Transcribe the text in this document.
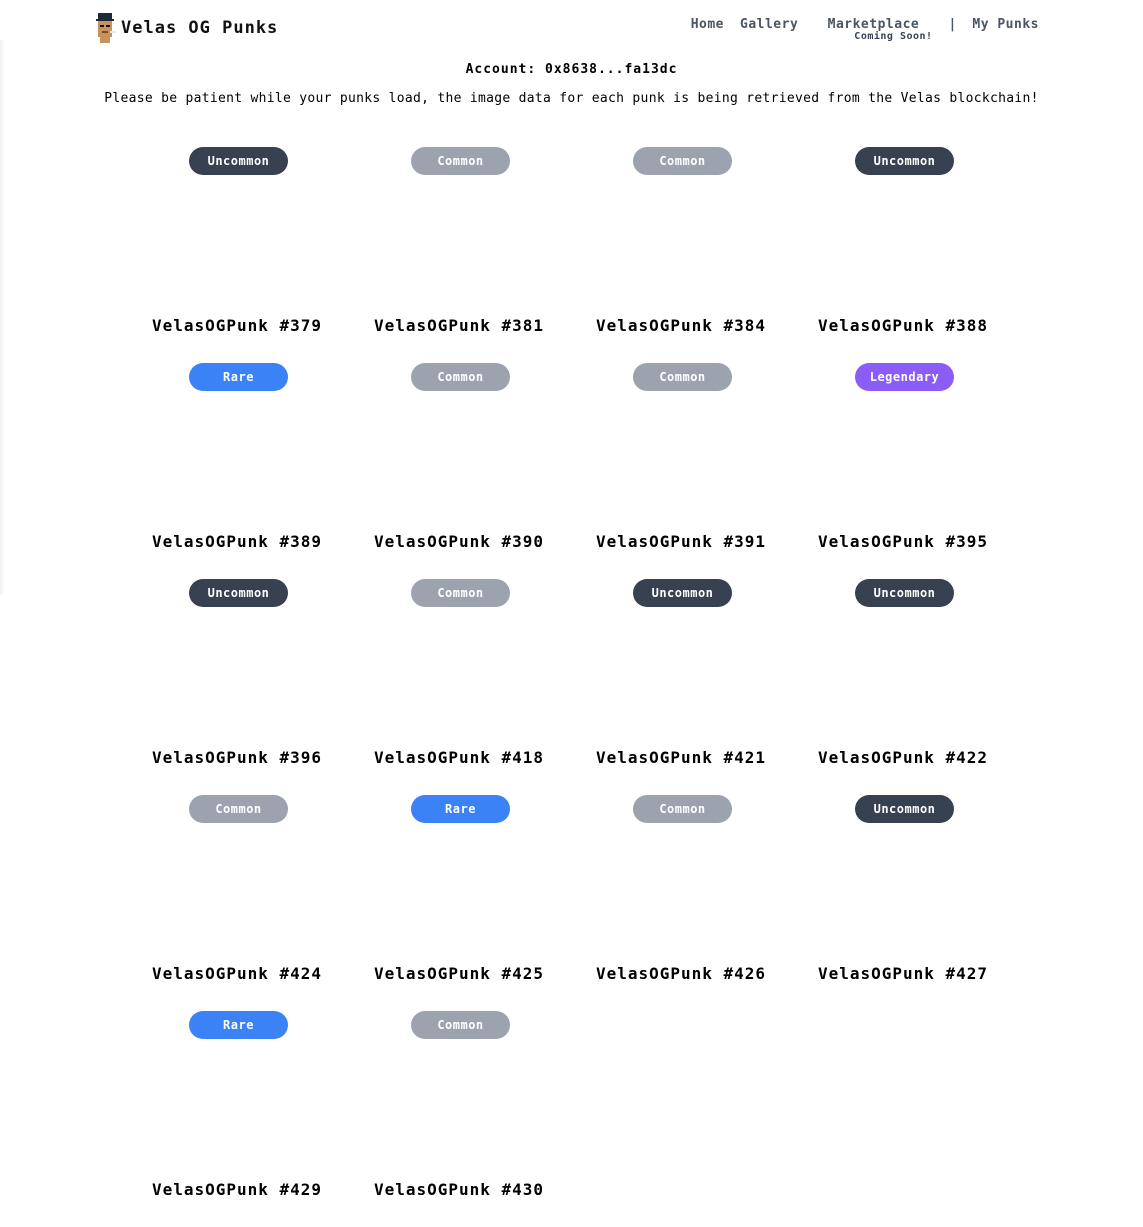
Velas OG Punks	Home Gallery Marketplace
Coming Soon!
| My Punks
Account: 0x8638...fa13dc
Please be patient while your punks load, the image data for each punk is being retrieved from the Velas blockchain!
Uncommon
VelasOGPunk #379
Common
VelasOGPunk #381
Common
VelasOGPunk #384
Uncommon
VelasOGPunk #388
Rare
VelasOGPunk #389
Common
VelasOGPunk #390
Common
VelasOGPunk #391
Legendary
VelasOGPunk #395
Uncommon
VelasOGPunk #396
Common
VelasOGPunk #418
Uncommon
VelasOGPunk #421
Uncommon
VelasOGPunk #422
Common
VelasOGPunk #424
Rare
VelasOGPunk #425
Common
VelasOGPunk #426
Uncommon
VelasOGPunk #427
Rare
VelasOGPunk #429
Common
VelasOGPunk #430
